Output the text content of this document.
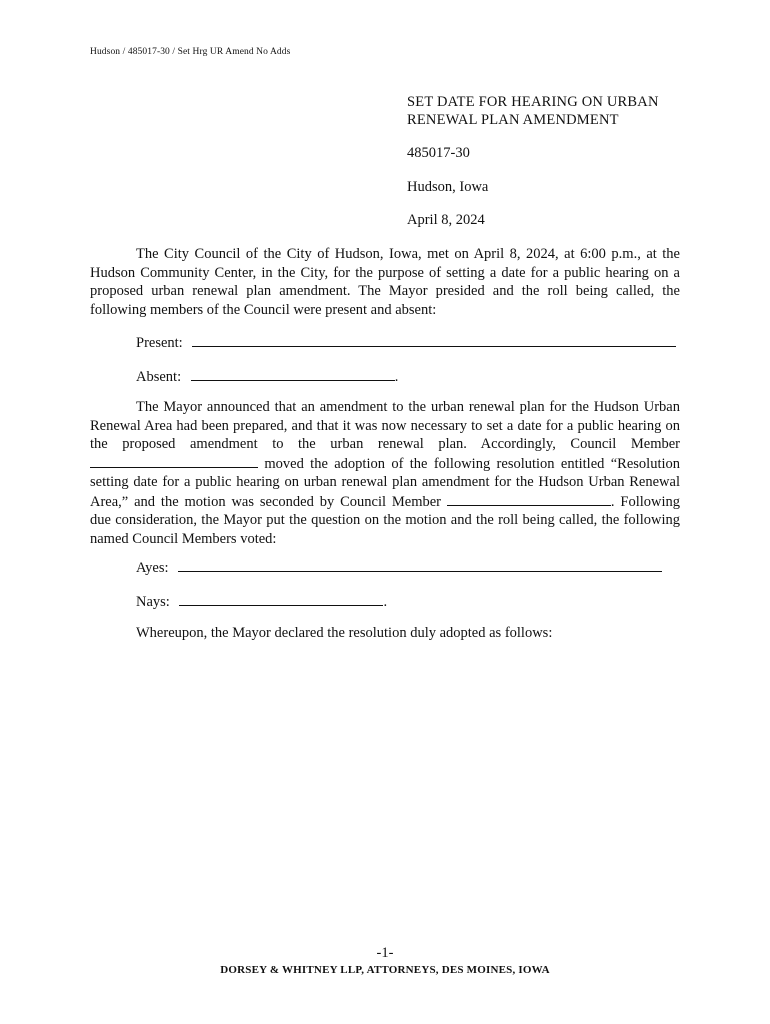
Hudson / 485017-30 / Set Hrg UR Amend No Adds

SET DATE FOR HEARING ON URBAN RENEWAL PLAN AMENDMENT

485017-30

Hudson, Iowa

April 8, 2024

The City Council of the City of Hudson, Iowa, met on April 8, 2024, at 6:00 p.m., at the Hudson Community Center, in the City, for the purpose of setting a date for a public hearing on a proposed urban renewal plan amendment. The Mayor presided and the roll being called, the following members of the Council were present and absent:

Present:
Absent:	.

The Mayor announced that an amendment to the urban renewal plan for the Hudson Urban Renewal Area had been prepared, and that it was now necessary to set a date for a public hearing on the proposed amendment to the urban renewal plan. Accordingly, Council Member  moved the adoption of the following resolution entitled “Resolution setting date for a public hearing on urban renewal plan amendment for the Hudson Urban Renewal Area,” and the motion was seconded by Council Member	. Following due consideration, the Mayor put the question on the motion and the roll being called, the following named Council Members voted:

Ayes:
Nays:	.

Whereupon, the Mayor declared the resolution duly adopted as follows:

-1-
DORSEY & WHITNEY LLP, ATTORNEYS, DES MOINES, IOWA
